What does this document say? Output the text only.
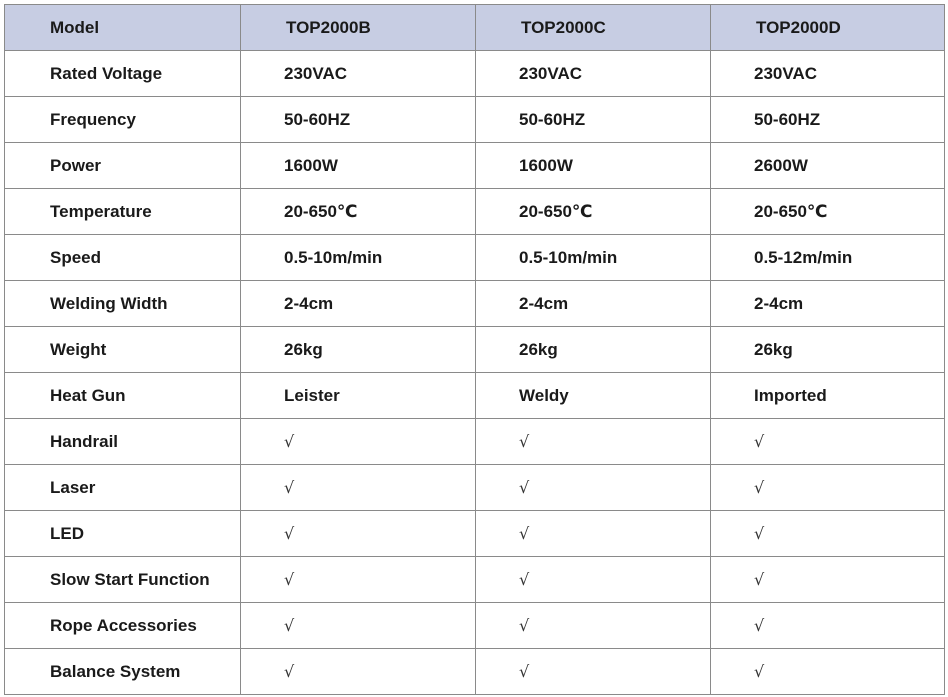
Model	TOP2000B	TOP2000C	TOP2000D
Rated Voltage	230VAC	230VAC	230VAC
Frequency	50-60HZ	50-60HZ	50-60HZ
Power	1600W	1600W	2600W
Temperature	20-650℃	20-650℃	20-650℃
Speed	0.5-10m/min	0.5-10m/min	0.5-12m/min
Welding Width	2-4cm	2-4cm	2-4cm
Weight	26kg	26kg	26kg
Heat Gun	Leister	Weldy	Imported
Handrail	√	√	√
Laser	√	√	√
LED	√	√	√
Slow Start Function	√	√	√
Rope Accessories	√	√	√
Balance System	√	√	√
